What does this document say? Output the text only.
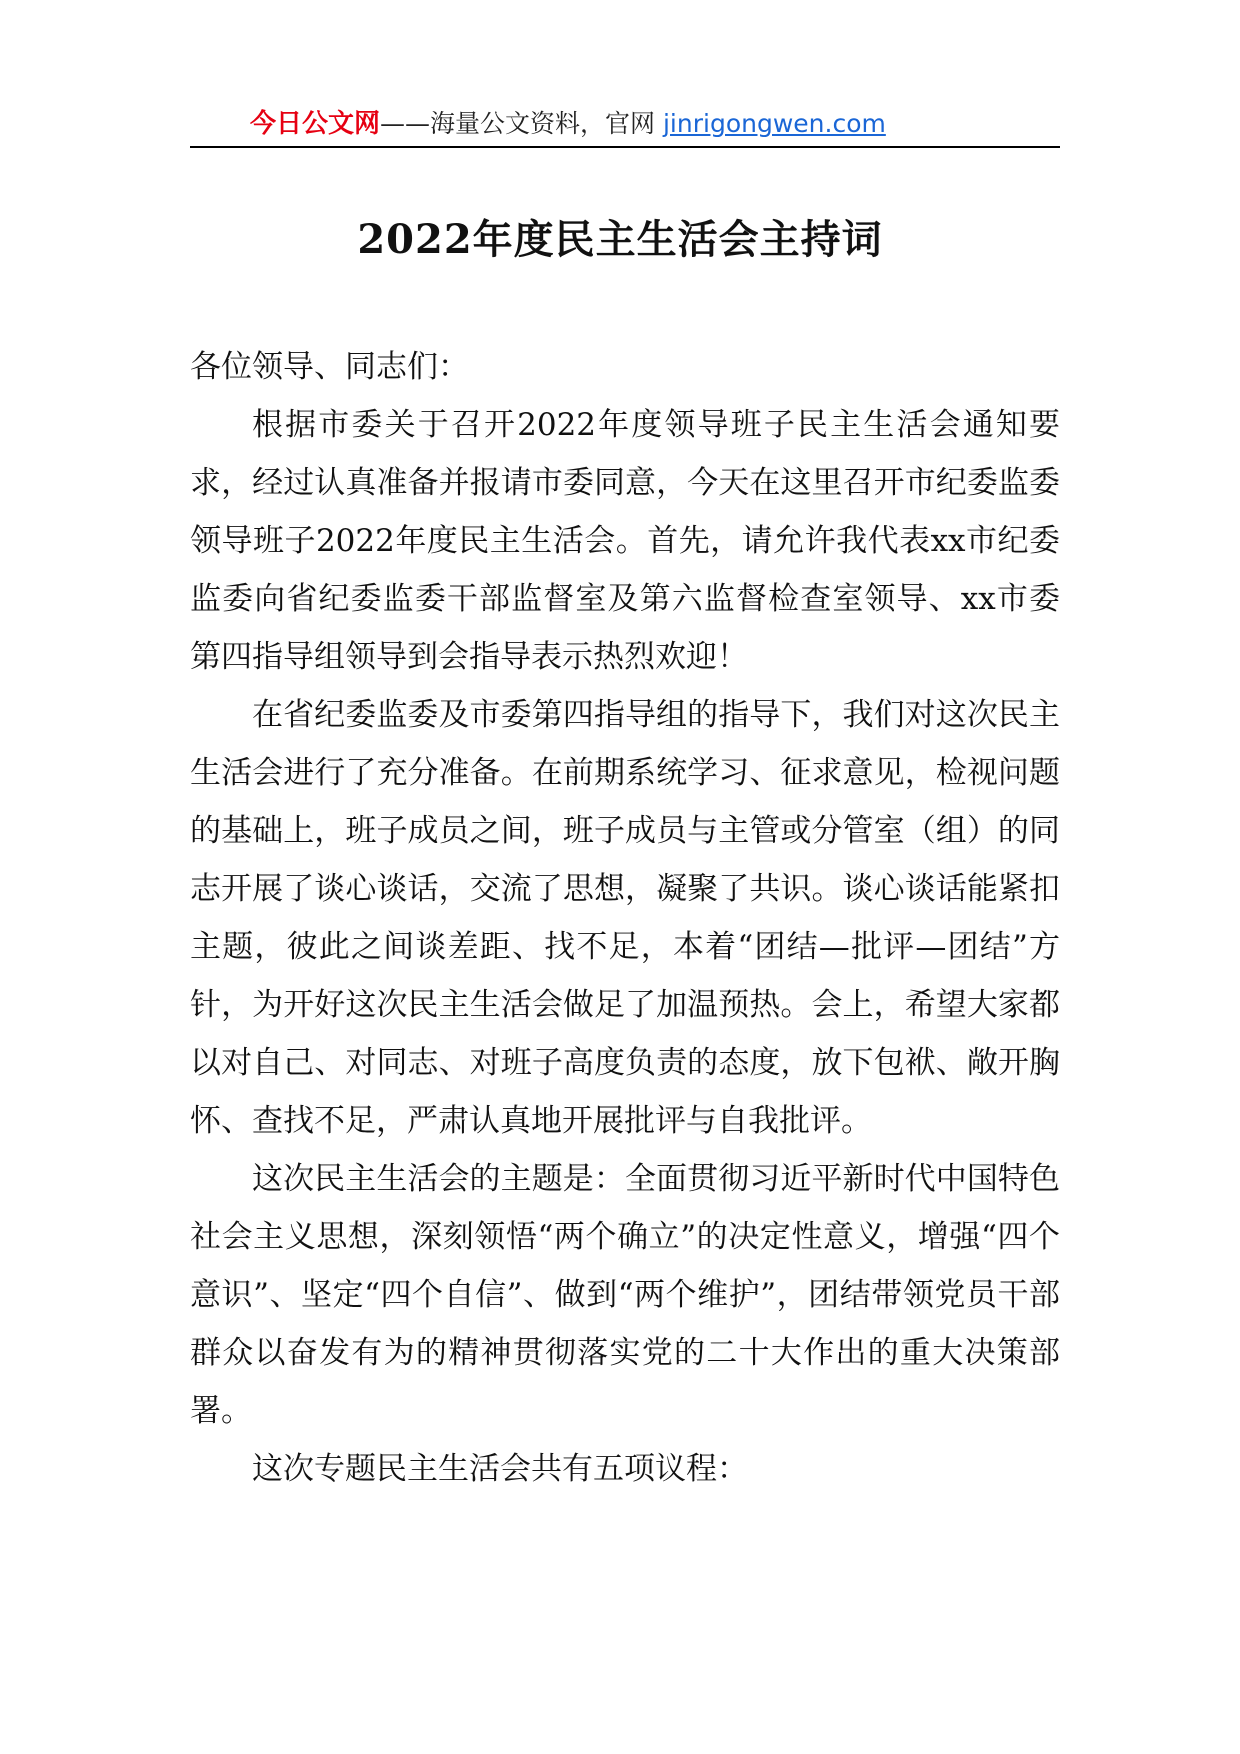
今日公文网——海量公文资料，官网 jinrigongwen.com
2022年度民主生活会主持词

各位领导、同志们：

根据市委关于召开2022年度领导班子民主生活会通知要求，经过认真准备并报请市委同意，今天在这里召开市纪委监委领导班子2022年度民主生活会。首先，请允许我代表xx市纪委监委向省纪委监委干部监督室及第六监督检查室领导、xx市委第四指导组领导到会指导表示热烈欢迎！

在省纪委监委及市委第四指导组的指导下，我们对这次民主生活会进行了充分准备。在前期系统学习、征求意见，检视问题的基础上，班子成员之间，班子成员与主管或分管室（组）的同志开展了谈心谈话，交流了思想，凝聚了共识。谈心谈话能紧扣主题，彼此之间谈差距、找不足，本着“团结—批评—团结”方针，为开好这次民主生活会做足了加温预热。会上，希望大家都以对自己、对同志、对班子高度负责的态度，放下包袱、敞开胸怀、查找不足，严肃认真地开展批评与自我批评。

这次民主生活会的主题是：全面贯彻习近平新时代中国特色社会主义思想，深刻领悟“两个确立”的决定性意义，增强“四个意识”、坚定“四个自信”、做到“两个维护”，团结带领党员干部群众以奋发有为的精神贯彻落实党的二十大作出的重大决策部署。

这次专题民主生活会共有五项议程：
